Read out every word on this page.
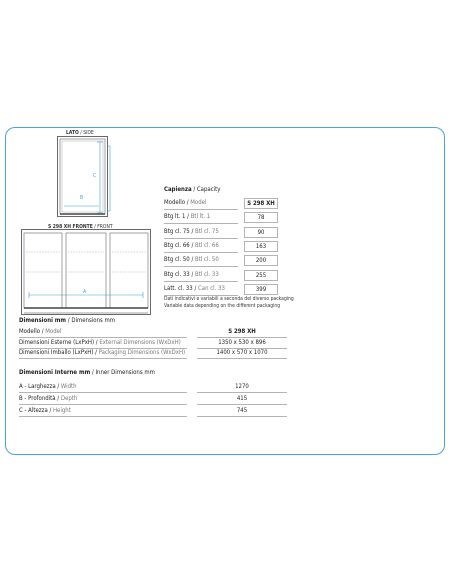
LATO / SIDE
C
B
S 298 XH FRONTE / FRONT
A
Capienza / Capacity
Modello / Model	S 298 XH
Btg lt. 1 / Btl lt. 1	78
Btg cl. 75 / Btl cl. 75	90
Btg cl. 66 / Btl cl. 66	163
Btg cl. 50 / Btl cl. 50	200
Btg cl. 33 / Btl cl. 33	255
Latt. cl. 33 / Can cl. 33	399
Dati indicativi e variabili a seconda del diverso packaging
Variable data depending on the different packaging
Dimensioni mm / Dimensions mm
Modello / Model	S 298 XH
Dimensioni Esterne (LxPxH) / External Dimensions (WxDxH)	1350 x 530 x 896
Dimensioni Imballo (LxPxH) / Packaging Dimensions (WxDxH)	1400 x 570 x 1070
Dimensioni Interne mm / Inner Dimensions mm
A - Larghezza / Width	1270
B - Profondità / Depth	415
C - Altezza / Height	745
